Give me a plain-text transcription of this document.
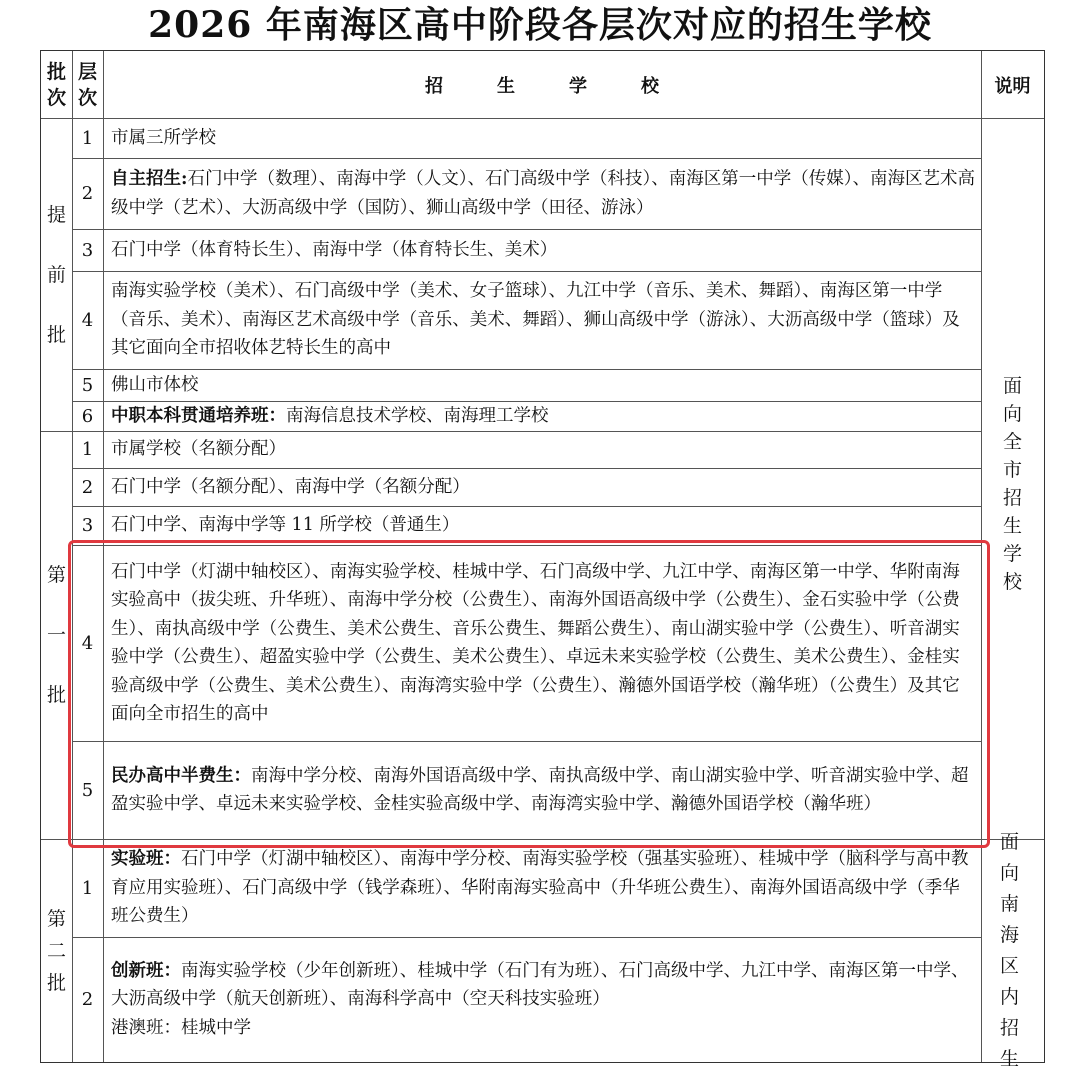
2026 年南海区高中阶段各层次对应的招生学校
批次
层次
招　　　生　　　学　　　校	说明
提前批
第一批
第二批
1
2
3
4
5
6
1
2
3
4
5
1
2
市属三所学校
自主招生:石门中学（数理）、南海中学（人文）、石门高级中学（科技）、南海区第一中学（传媒）、南海区艺术高级中学（艺术）、大沥高级中学（国防）、狮山高级中学（田径、游泳）
石门中学（体育特长生）、南海中学（体育特长生、美术）
南海实验学校（美术）、石门高级中学（美术、女子篮球）、九江中学（音乐、美术、舞蹈）、南海区第一中学（音乐、美术）、南海区艺术高级中学（音乐、美术、舞蹈）、狮山高级中学（游泳）、大沥高级中学（篮球）及其它面向全市招收体艺特长生的高中
佛山市体校
中职本科贯通培养班：南海信息技术学校、南海理工学校
市属学校（名额分配）
石门中学（名额分配）、南海中学（名额分配）
石门中学、南海中学等 11 所学校（普通生）
石门中学（灯湖中轴校区）、南海实验学校、桂城中学、石门高级中学、九江中学、南海区第一中学、华附南海实验高中（拔尖班、升华班）、南海中学分校（公费生）、南海外国语高级中学（公费生）、金石实验中学（公费生）、南执高级中学（公费生、美术公费生、音乐公费生、舞蹈公费生）、南山湖实验中学（公费生）、听音湖实验中学（公费生）、超盈实验中学（公费生、美术公费生）、卓远未来实验学校（公费生、美术公费生）、金桂实验高级中学（公费生、美术公费生）、南海湾实验中学（公费生）、瀚德外国语学校（瀚华班）（公费生）及其它面向全市招生的高中
民办高中半费生：南海中学分校、南海外国语高级中学、南执高级中学、南山湖实验中学、听音湖实验中学、超盈实验中学、卓远未来实验学校、金桂实验高级中学、南海湾实验中学、瀚德外国语学校（瀚华班）
实验班：石门中学（灯湖中轴校区）、南海中学分校、南海实验学校（强基实验班）、桂城中学（脑科学与高中教育应用实验班）、石门高级中学（钱学森班）、华附南海实验高中（升华班公费生）、南海外国语高级中学（季华班公费生）
创新班：南海实验学校（少年创新班）、桂城中学（石门有为班）、石门高级中学、九江中学、南海区第一中学、大沥高级中学（航天创新班）、南海科学高中（空天科技实验班）
港澳班：桂城中学
面向全市招生学校
面向南海区内招生
